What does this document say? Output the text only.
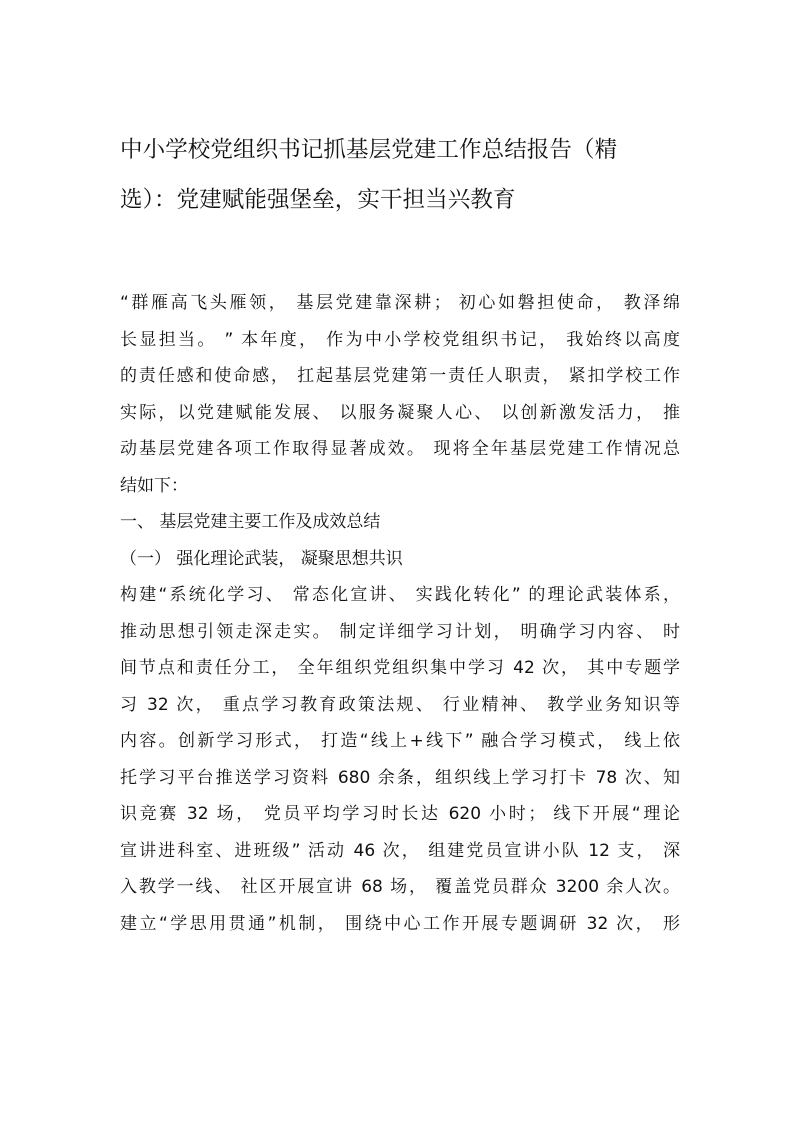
中小学校党组织书记抓基层党建工作总结报告（精
选）：党建赋能强堡垒，实干担当兴教育
“群雁高飞头雁领， 基层党建靠深耕； 初心如磐担使命， 教泽绵
长显担当。 ” 本年度， 作为中小学校党组织书记， 我始终以高度
的责任感和使命感， 扛起基层党建第一责任人职责， 紧扣学校工作
实际，以党建赋能发展、 以服务凝聚人心、 以创新激发活力， 推
动基层党建各项工作取得显著成效。 现将全年基层党建工作情况总
结如下：
一、 基层党建主要工作及成效总结
（一） 强化理论武装， 凝聚思想共识
构建“系统化学习、 常态化宣讲、 实践化转化” 的理论武装体系，
推动思想引领走深走实。 制定详细学习计划， 明确学习内容、 时
间节点和责任分工， 全年组织党组织集中学习 42 次， 其中专题学
习 32 次， 重点学习教育政策法规、 行业精神、 教学业务知识等
内容。创新学习形式， 打造“线上+线下” 融合学习模式， 线上依
托学习平台推送学习资料 680 余条，组织线上学习打卡 78 次、知
识竞赛 32 场， 党员平均学习时长达 620 小时； 线下开展“理论
宣讲进科室、进班级” 活动 46 次， 组建党员宣讲小队 12 支， 深
入教学一线、 社区开展宣讲 68 场， 覆盖党员群众 3200 余人次。
建立“学思用贯通”机制， 围绕中心工作开展专题调研 32 次， 形
